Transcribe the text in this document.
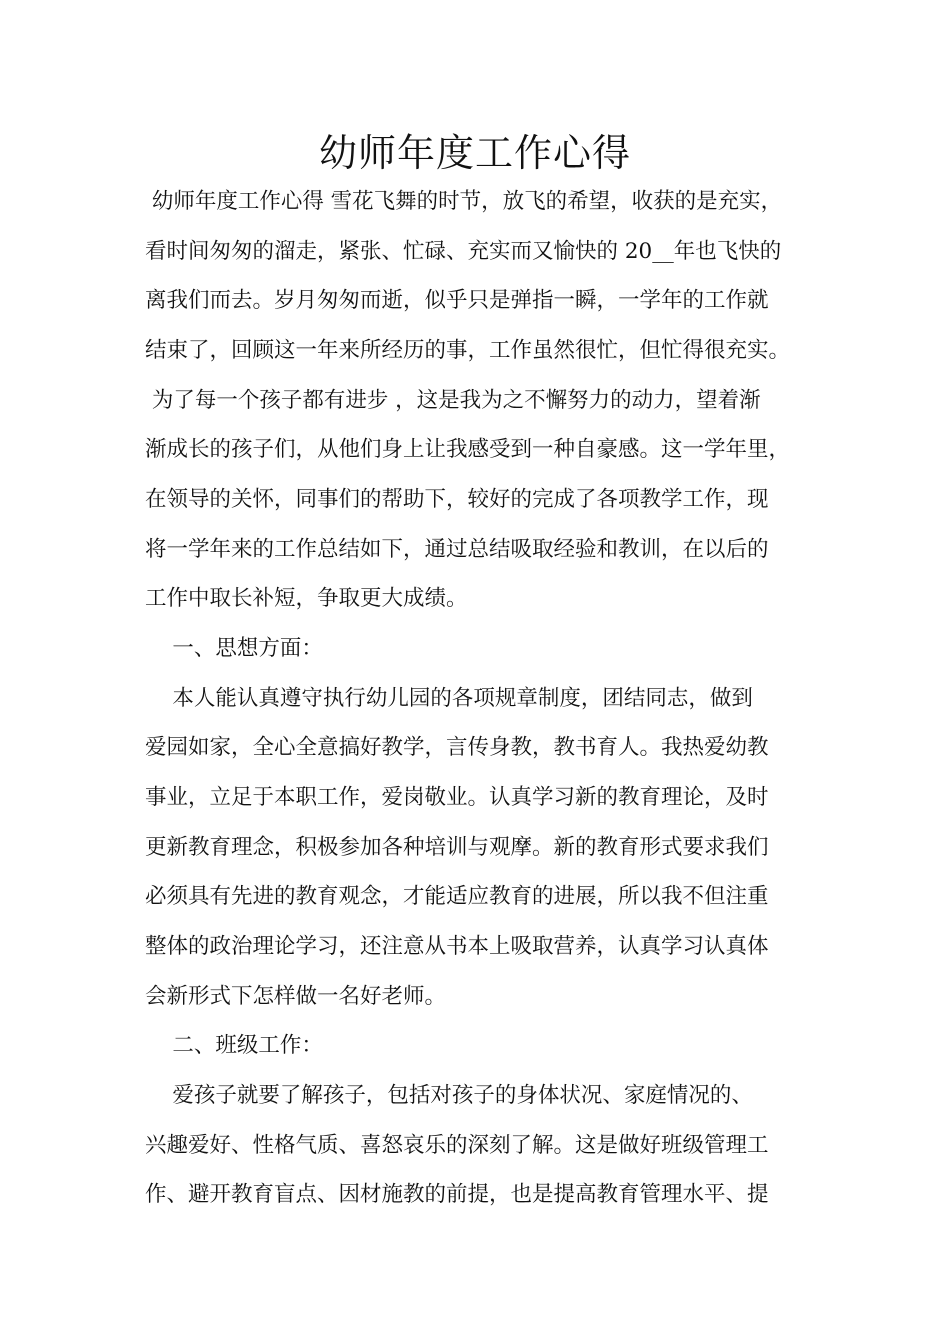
幼师年度工作心得
幼师年度工作心得 雪花飞舞的时节，放飞的希望，收获的是充实，
看时间匆匆的溜走，紧张、忙碌、充实而又愉快的 20__年也飞快的
离我们而去。岁月匆匆而逝，似乎只是弹指一瞬，一学年的工作就
结束了，回顾这一年来所经历的事，工作虽然很忙，但忙得很充实。
为了每一个孩子都有进步 ，这是我为之不懈努力的动力，望着渐
渐成长的孩子们，从他们身上让我感受到一种自豪感。这一学年里，
在领导的关怀，同事们的帮助下，较好的完成了各项教学工作，现
将一学年来的工作总结如下，通过总结吸取经验和教训，在以后的
工作中取长补短，争取更大成绩。
一、思想方面：
本人能认真遵守执行幼儿园的各项规章制度，团结同志，做到
爱园如家，全心全意搞好教学，言传身教，教书育人。我热爱幼教
事业，立足于本职工作，爱岗敬业。认真学习新的教育理论，及时
更新教育理念，积极参加各种培训与观摩。新的教育形式要求我们
必须具有先进的教育观念，才能适应教育的进展，所以我不但注重
整体的政治理论学习，还注意从书本上吸取营养，认真学习认真体
会新形式下怎样做一名好老师。
二、班级工作：
爱孩子就要了解孩子，包括对孩子的身体状况、家庭情况的、
兴趣爱好、性格气质、喜怒哀乐的深刻了解。这是做好班级管理工
作、避开教育盲点、因材施教的前提，也是提高教育管理水平、提
